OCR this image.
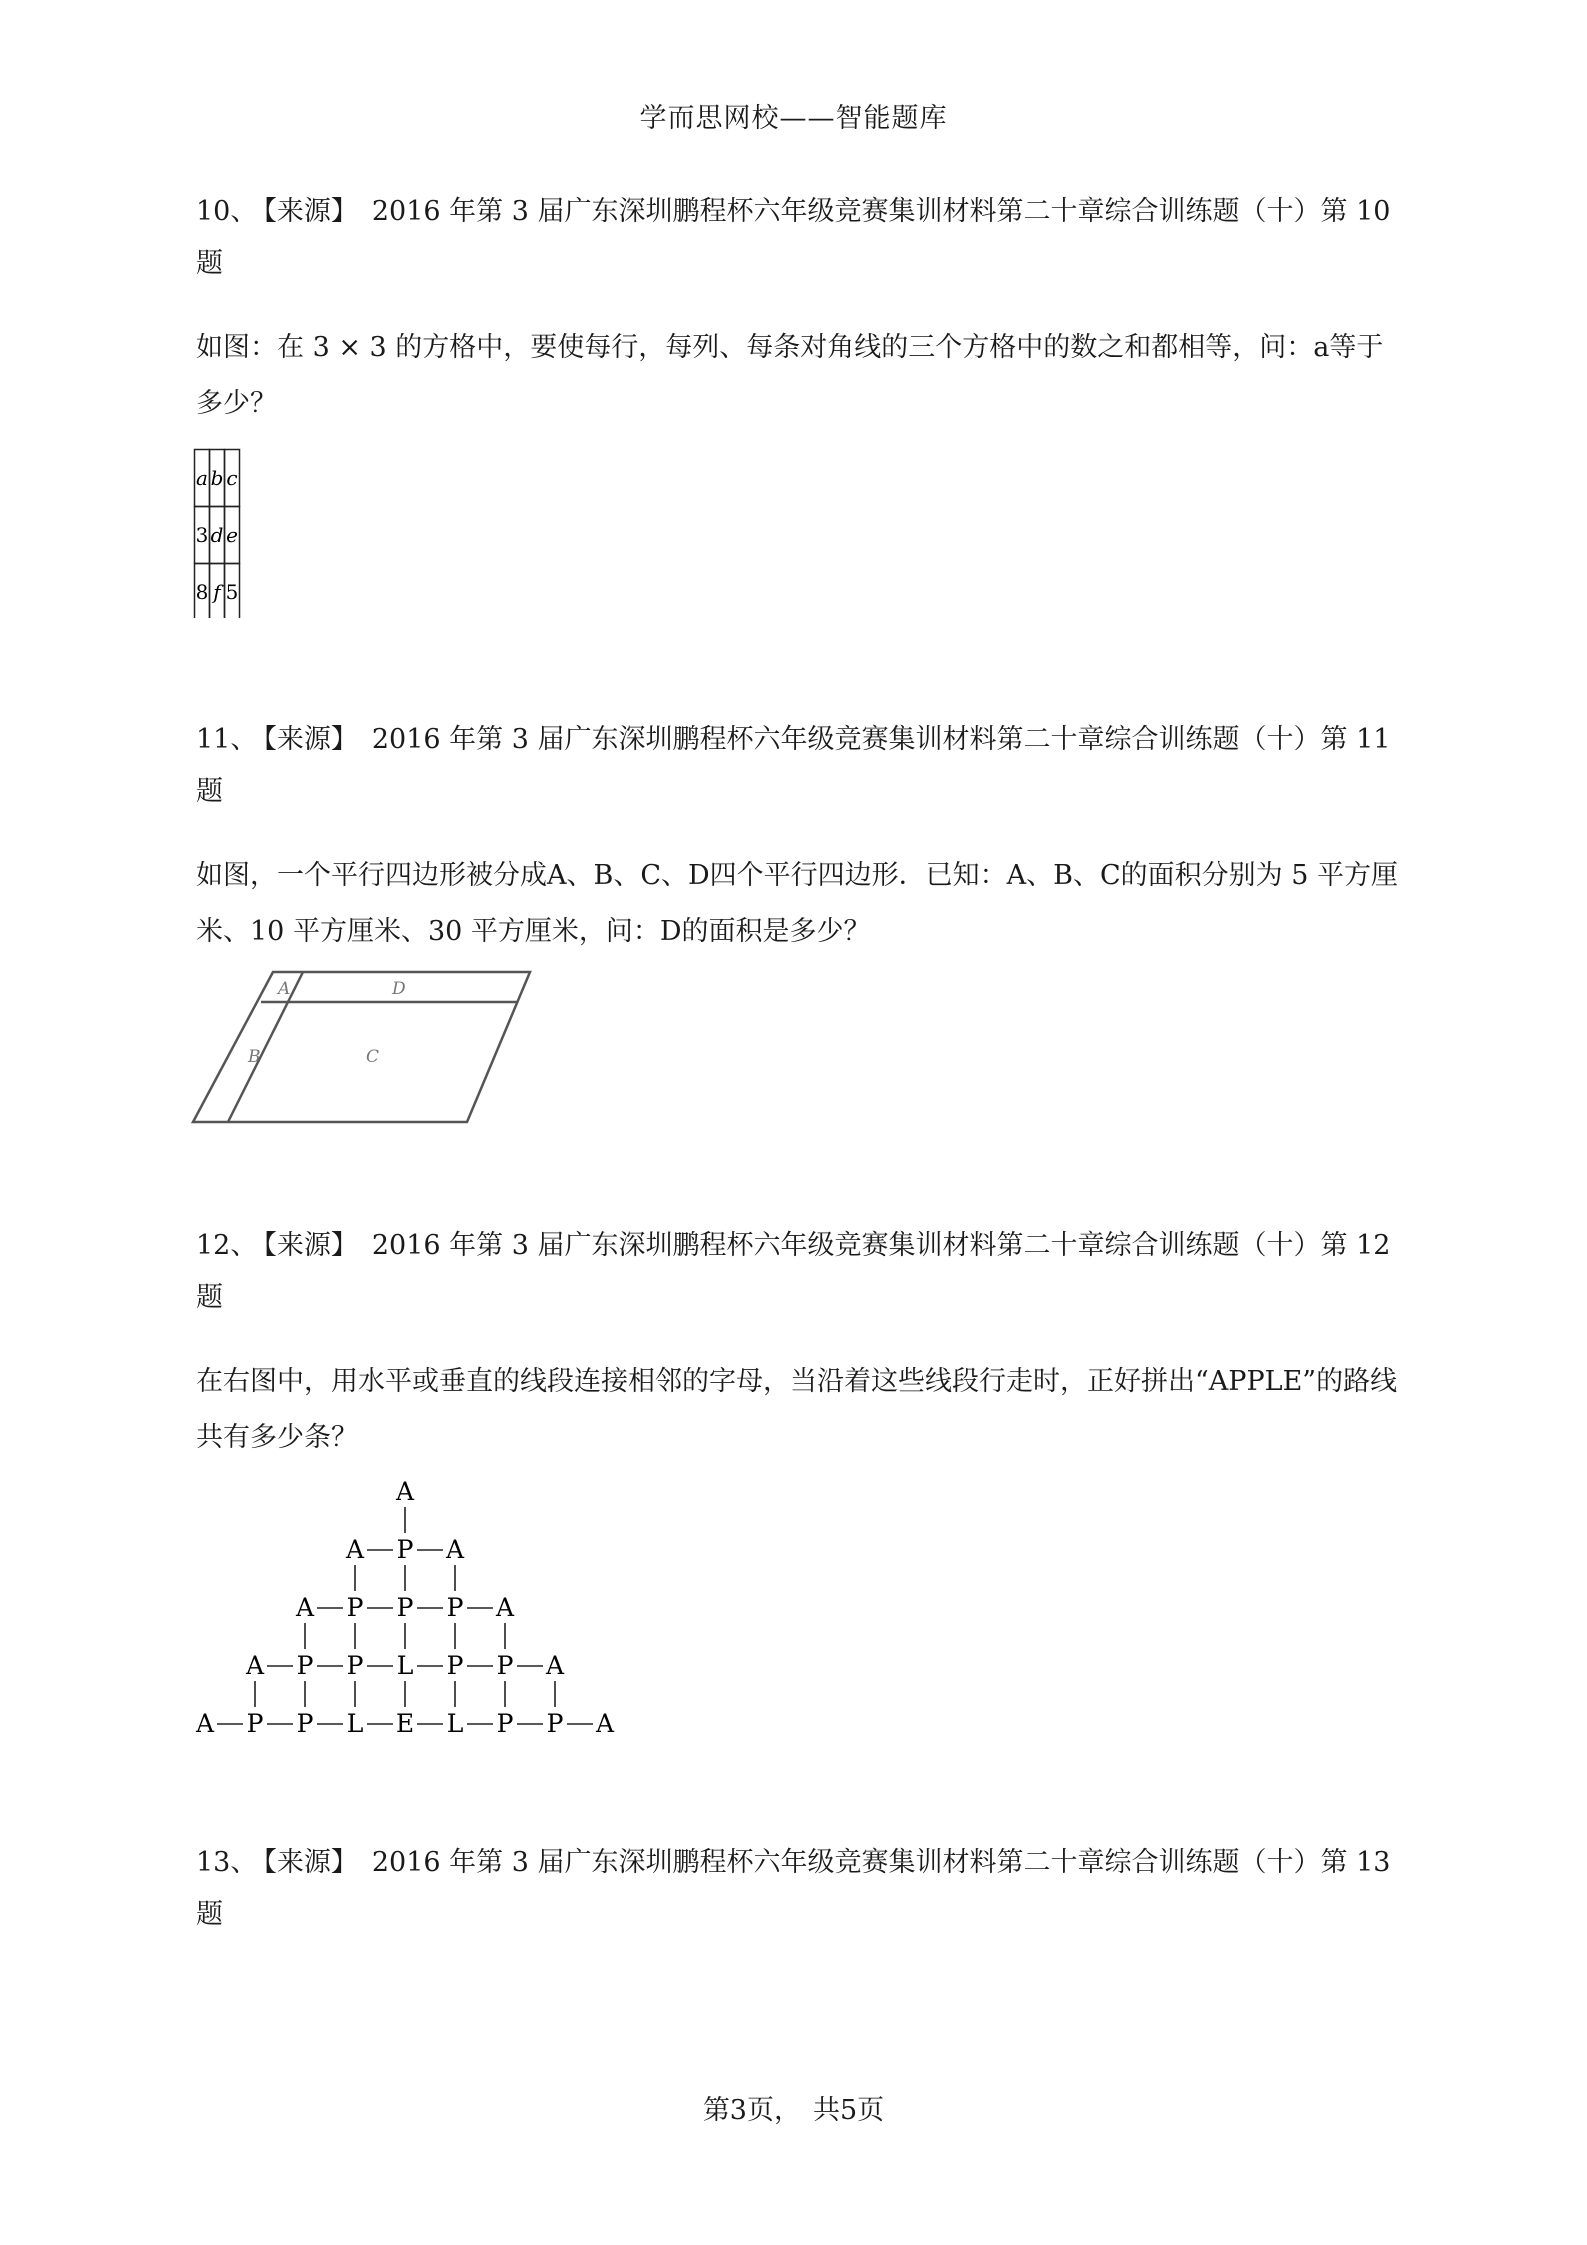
学而思网校——智能题库
10、 【来源】 2016 年第 3 届广东深圳鹏程杯六年级竞赛集训材料第二十章综合训练题（十）第 10 题
如图：在 3 × 3 的方格中，要使每行，每列、每条对角线的三个方格中的数之和都相等，问：a等于多少？
a b c
3 d e
8 f 5
11、 【来源】 2016 年第 3 届广东深圳鹏程杯六年级竞赛集训材料第二十章综合训练题（十）第 11 题
如图，一个平行四边形被分成A、B、C、D四个平行四边形．已知：A、B、C的面积分别为 5 平方厘米、10 平方厘米、30 平方厘米，问：D的面积是多少？
A	D
B	C
12、 【来源】 2016 年第 3 届广东深圳鹏程杯六年级竞赛集训材料第二十章综合训练题（十）第 12 题
在右图中，用水平或垂直的线段连接相邻的字母，当沿着这些线段行走时，正好拼出“APPLE”的路线共有多少条？
A
A P A
A P P P A
A P P L P P A
A P P L E L P P A
13、 【来源】 2016 年第 3 届广东深圳鹏程杯六年级竞赛集训材料第二十章综合训练题（十）第 13 题
第3页， 共5页
